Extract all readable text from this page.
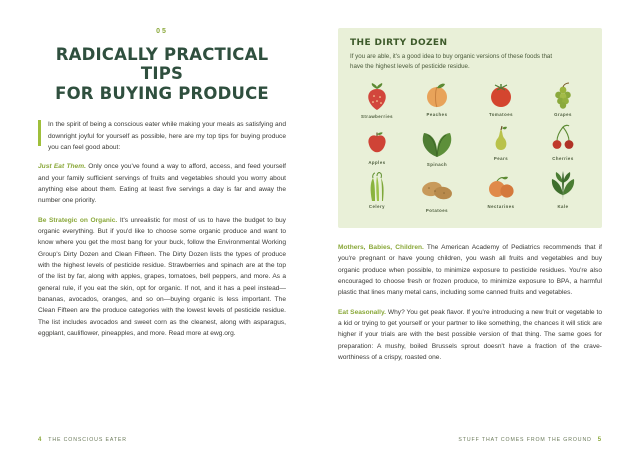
05
RADICALLY PRACTICAL TIPS
FOR BUYING PRODUCE

In the spirit of being a conscious eater while making your meals as satisfying and downright joyful for yourself as possible, here are my top tips for buying produce you can feel good about:

Just Eat Them. Only once you've found a way to afford, access, and feed yourself and your family sufficient servings of fruits and vegetables should you worry about anything else about them. Eating at least five servings a day is far and away the number one priority.

Be Strategic on Organic. It's unrealistic for most of us to have the budget to buy organic everything. But if you'd like to choose some organic produce and want to know where you get the most bang for your buck, follow the Environmental Working Group's Dirty Dozen and Clean Fifteen. The Dirty Dozen lists the types of produce with the highest levels of pesticide residue. Strawberries and spinach are at the top of the list by far, along with apples, grapes, tomatoes, bell peppers, and more. As a general rule, if you eat the skin, opt for organic. If not, and it has a peel instead—bananas, avocados, oranges, and so on—buying organic is less important. The Clean Fifteen are the produce categories with the lowest levels of pesticide residue. The list includes avocados and sweet corn as the cleanest, along with asparagus, eggplant, cauliflower, pineapples, and more. Read more at ewg.org.

4 THE CONSCIOUS EATER
THE DIRTY DOZEN
If you are able, it's a good idea to buy organic versions of these foods that have the highest levels of pesticide residue.
Strawberries	Peaches	Tomatoes	Grapes
Apples	Spinach
Pears	Cherries
Celery
Potatoes
Nectarines	Kale

Mothers, Babies, Children. The American Academy of Pediatrics recommends that if you're pregnant or have young children, you wash all fruits and vegetables and buy organic produce when possible, to minimize exposure to pesticide residues. You're also encouraged to choose fresh or frozen produce, to minimize exposure to BPA, a harmful plastic that lines many metal cans, including some canned fruits and vegetables.

Eat Seasonally. Why? You get peak flavor. If you're introducing a new fruit or vegetable to a kid or trying to get yourself or your partner to like something, the chances it will stick are higher if your trials are with the best possible version of that thing. The same goes for preparation: A mushy, boiled Brussels sprout doesn't have a fraction of the crave-worthiness of a crispy, roasted one.

STUFF THAT COMES FROM THE GROUND 5
